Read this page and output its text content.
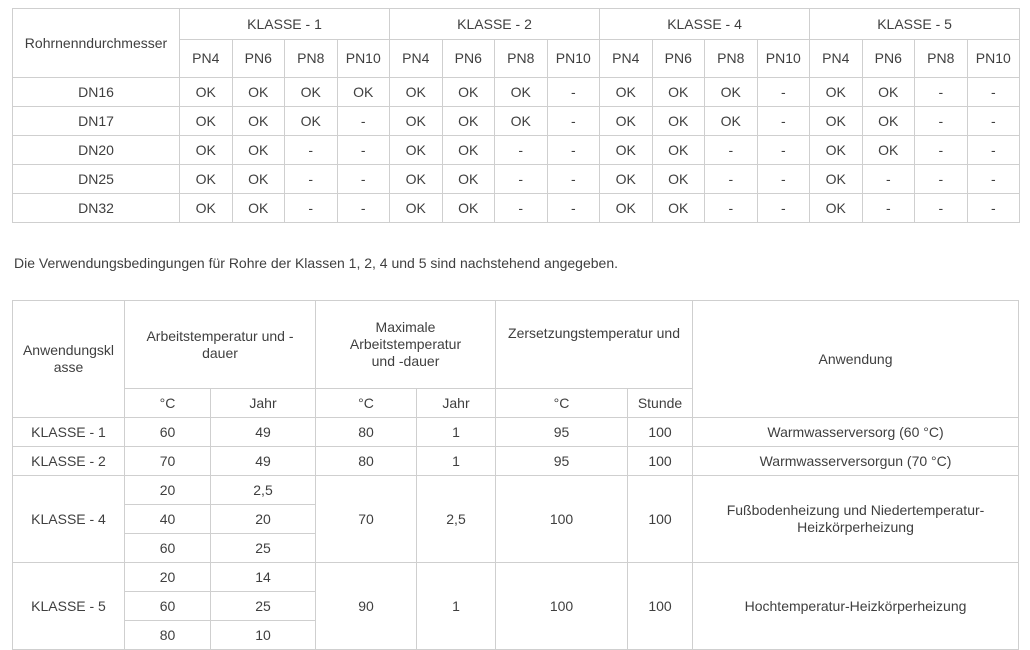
Rohrnenndurchmesser	KLASSE - 1				KLASSE - 2				KLASSE - 4				KLASSE - 5			
	PN4	PN6	PN8	PN10	PN4	PN6	PN8	PN10	PN4	PN6	PN8	PN10	PN4	PN6	PN8	PN10
DN16	OK	OK	OK	OK	OK	OK	OK	-	OK	OK	OK	-	OK	OK	-	-
DN17	OK	OK	OK	-	OK	OK	OK	-	OK	OK	OK	-	OK	OK	-	-
DN20	OK	OK	-	-	OK	OK	-	-	OK	OK	-	-	OK	OK	-	-
DN25	OK	OK	-	-	OK	OK	-	-	OK	OK	-	-	OK	-	-	-
DN32	OK	OK	-	-	OK	OK	-	-	OK	OK	-	-	OK	-	-	-
Die Verwendungsbedingungen für Rohre der Klassen 1, 2, 4 und 5 sind nachstehend angegeben.
Anwendungskl asse	Arbeitstemperatur und -dauer		Maximale Arbeitstemperatur und -dauer		Zersetzungstemperatur und		Anwendung
	°C	Jahr	°C	Jahr	°C	Stunde	
KLASSE - 1	60	49	80	1	95	100	Warmwasserversorg (60 °C)
KLASSE - 2	70	49	80	1	95	100	Warmwasserversorgun (70 °C)
KLASSE - 4	20	2,5	70	2,5	100	100	Fußbodenheizung und Niedertemperatur-Heizkörperheizung
	40	20					
	60	25					
KLASSE - 5	20	14	90	1	100	100	Hochtemperatur-Heizkörperheizung
	60	25					
	80	10					
